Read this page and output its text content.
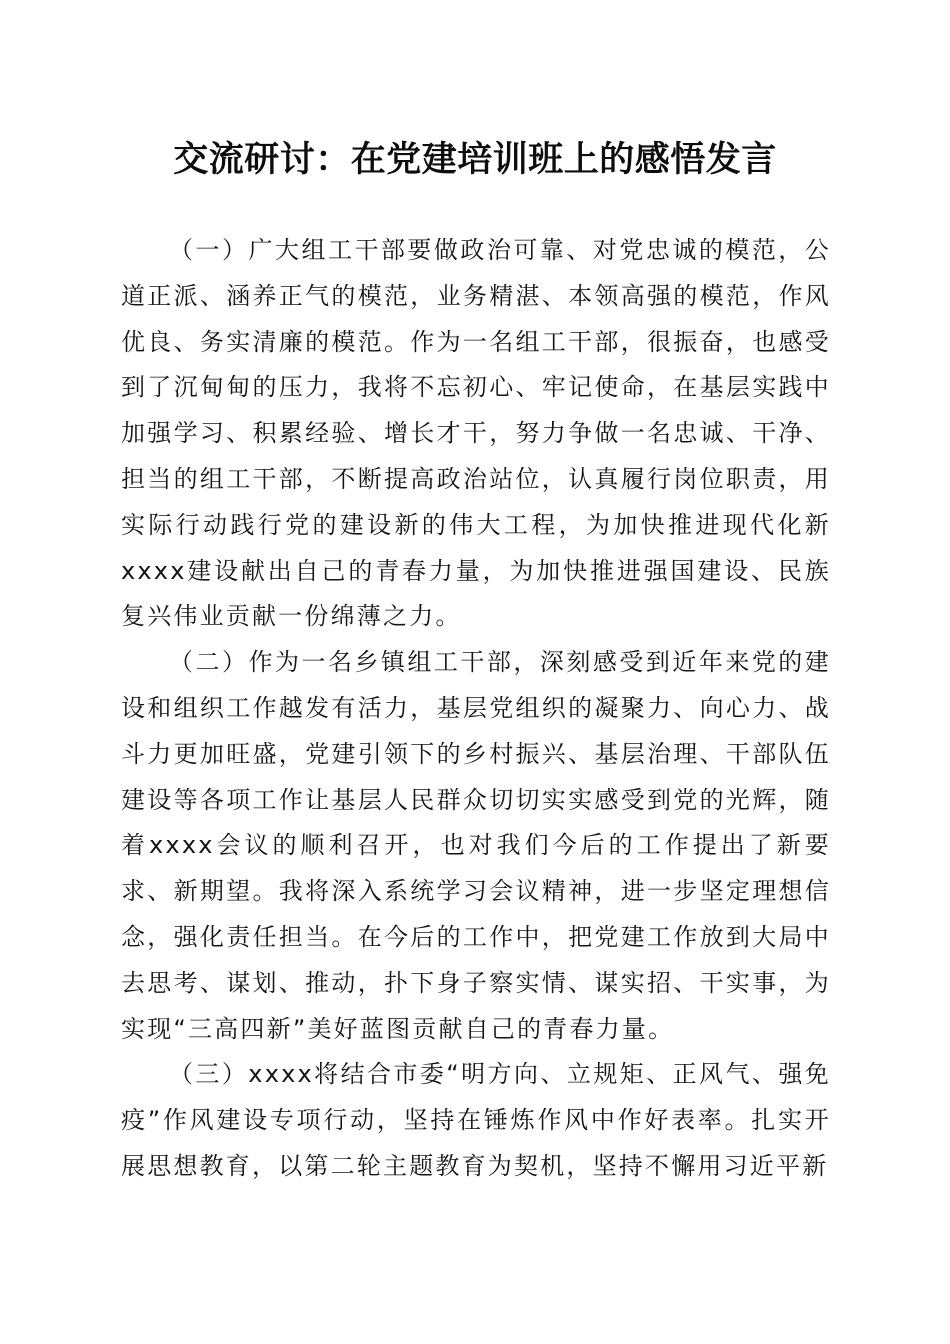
交流研讨：在党建培训班上的感悟发言

（一）广大组工干部要做政治可靠、对党忠诚的模范，公道正派、涵养正气的模范，业务精湛、本领高强的模范，作风优良、务实清廉的模范。作为一名组工干部，很振奋，也感受到了沉甸甸的压力，我将不忘初心、牢记使命，在基层实践中加强学习、积累经验、增长才干，努力争做一名忠诚、干净、担当的组工干部，不断提高政治站位，认真履行岗位职责，用实际行动践行党的建设新的伟大工程，为加快推进现代化新xxxx建设献出自己的青春力量，为加快推进强国建设、民族复兴伟业贡献一份绵薄之力。

（二）作为一名乡镇组工干部，深刻感受到近年来党的建设和组织工作越发有活力，基层党组织的凝聚力、向心力、战斗力更加旺盛，党建引领下的乡村振兴、基层治理、干部队伍建设等各项工作让基层人民群众切切实实感受到党的光辉，随着xxxx会议的顺利召开，也对我们今后的工作提出了新要求、新期望。我将深入系统学习会议精神，进一步坚定理想信念，强化责任担当。在今后的工作中，把党建工作放到大局中去思考、谋划、推动，扑下身子察实情、谋实招、干实事，为实现“三高四新”美好蓝图贡献自己的青春力量。

（三）xxxx将结合市委“明方向、立规矩、正风气、强免疫”作风建设专项行动，坚持在锤炼作风中作好表率。扎实开展思想教育，以第二轮主题教育为契机，坚持不懈用习近平新
